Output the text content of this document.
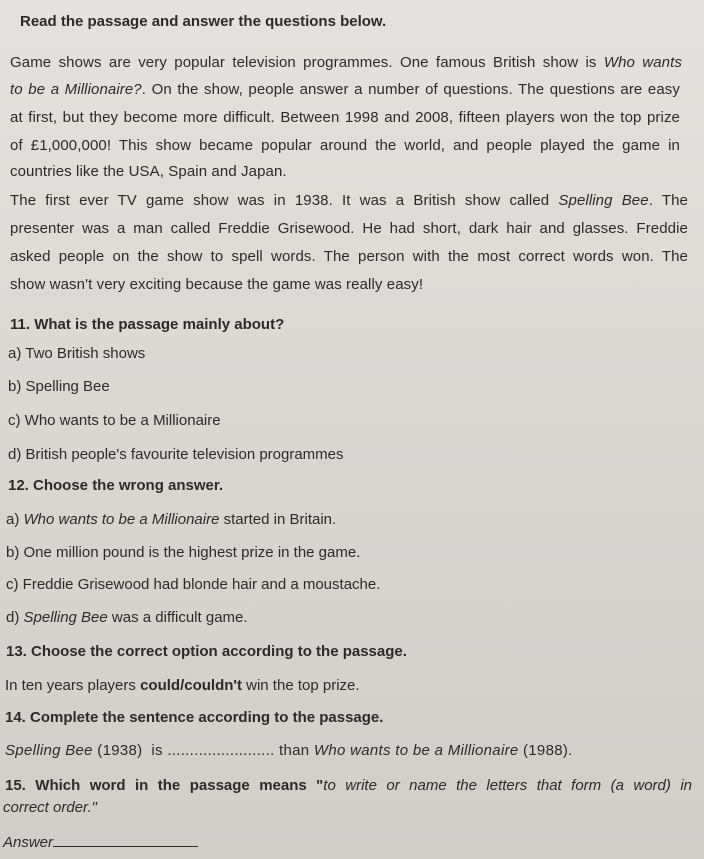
Read the passage and answer the questions below.
Game shows are very popular television programmes. One famous British show is Who wants
to be a Millionaire?. On the show, people answer a number of questions. The questions are easy
at first, but they become more difficult. Between 1998 and 2008, fifteen players won the top prize
of £1,000,000! This show became popular around the world, and people played the game in
countries like the USA, Spain and Japan.
The first ever TV game show was in 1938. It was a British show called Spelling Bee. The
presenter was a man called Freddie Grisewood. He had short, dark hair and glasses. Freddie
asked people on the show to spell words. The person with the most correct words won. The
show wasn't very exciting because the game was really easy!
11. What is the passage mainly about?
a) Two British shows
b) Spelling Bee
c) Who wants to be a Millionaire
d) British people's favourite television programmes
12. Choose the wrong answer.
a) Who wants to be a Millionaire started in Britain.
b) One million pound is the highest prize in the game.
c) Freddie Grisewood had blonde hair and a moustache.
d) Spelling Bee was a difficult game.
13. Choose the correct option according to the passage.
In ten years players could/couldn't win the top prize.
14. Complete the sentence according to the passage.
Spelling Bee (1938)  is ........................ than Who wants to be a Millionaire (1988).
15. Which word in the passage means "to write or name the letters that form (a word) in
correct order."
Answer
